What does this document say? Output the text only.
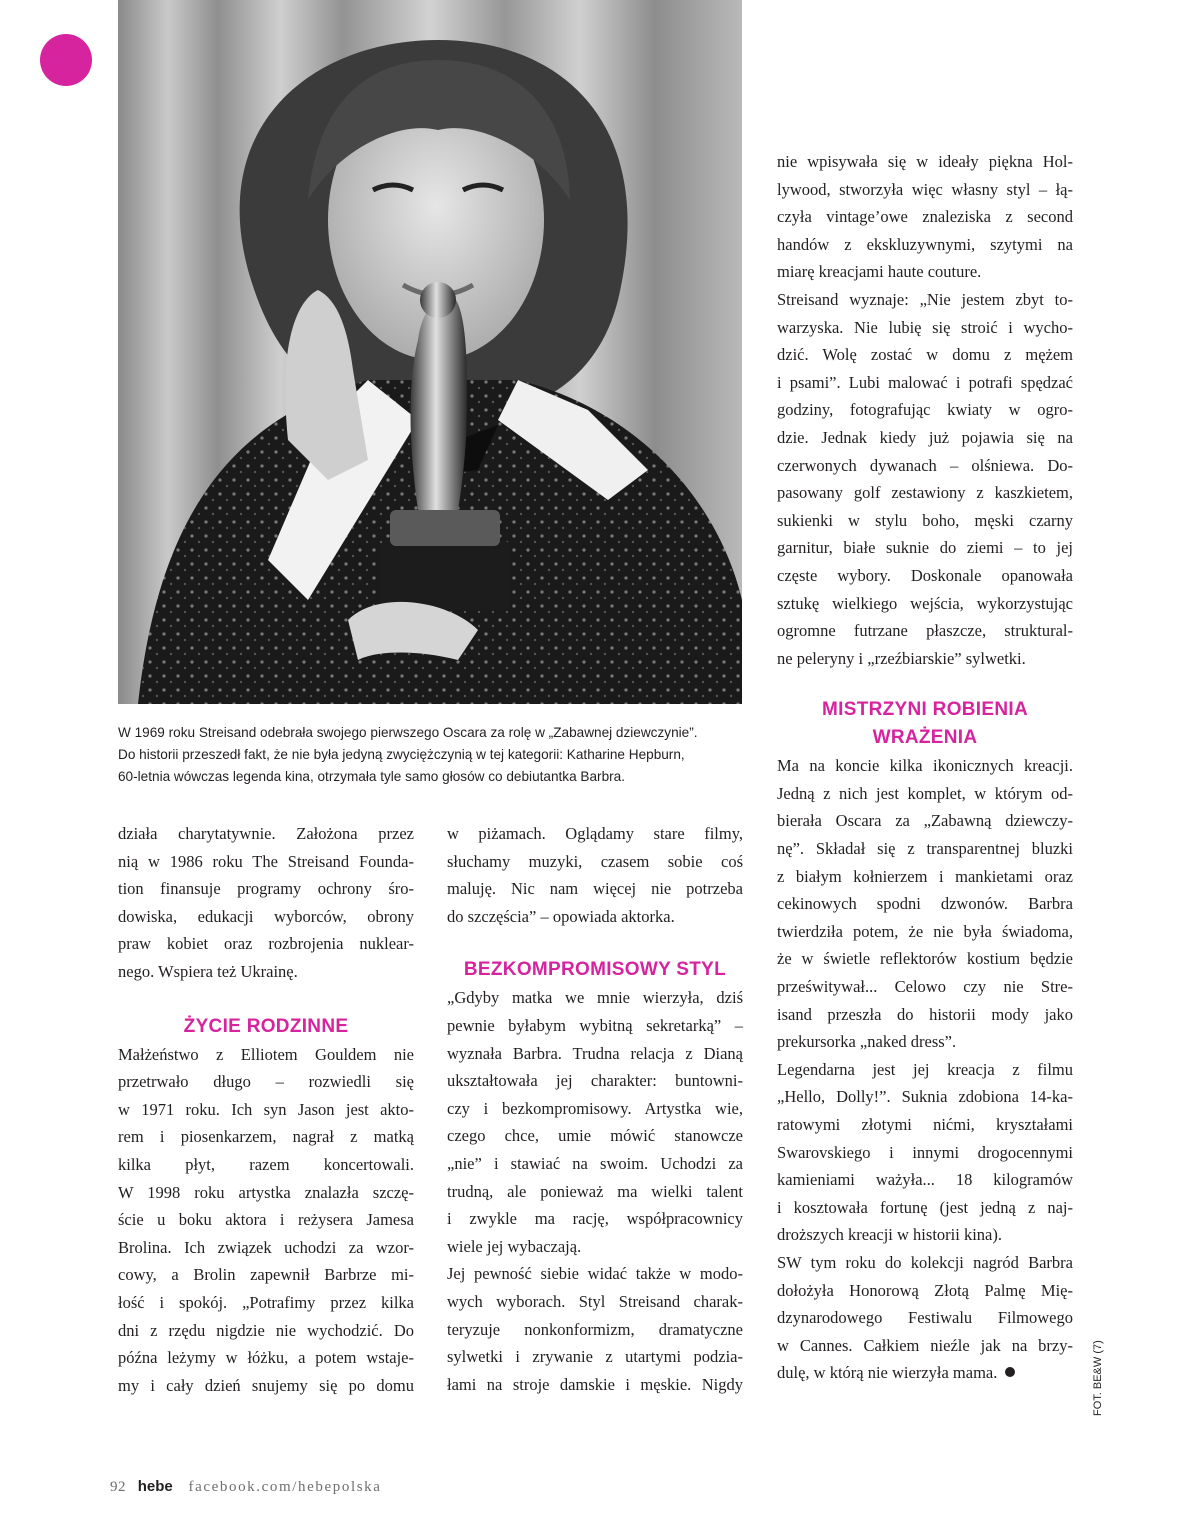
W 1969 roku Streisand odebrała swojego pierwszego Oscara za rolę w „Zabawnej dziewczynie”.

Do historii przeszedł fakt, że nie była jedyną zwyciężczynią w tej kategorii: Katharine Hepburn,

60-letnia wówczas legenda kina, otrzymała tyle samo głosów co debiutantka Barbra.

działa charytatywnie. Założona przez
nią w 1986 roku The Streisand Founda-
tion finansuje programy ochrony śro-
dowiska, edukacji wyborców, obrony
praw kobiet oraz rozbrojenia nuklear-
nego. Wspiera też Ukrainę.

ŻYCIE RODZINNE

Małżeństwo z Elliotem Gouldem nie
przetrwało długo – rozwiedli się
w 1971 roku. Ich syn Jason jest akto-
rem i piosenkarzem, nagrał z matką
kilka płyt, razem koncertowali.
W 1998 roku artystka znalazła szczę-
ście u boku aktora i reżysera Jamesa
Brolina. Ich związek uchodzi za wzor-
cowy, a Brolin zapewnił Barbrze mi-
łość i spokój. „Potrafimy przez kilka
dni z rzędu nigdzie nie wychodzić. Do
późna leżymy w łóżku, a potem wstaje-
my i cały dzień snujemy się po domu

w piżamach. Oglądamy stare filmy,
słuchamy muzyki, czasem sobie coś
maluję. Nic nam więcej nie potrzeba
do szczęścia” – opowiada aktorka.

BEZKOMPROMISOWY STYL

„Gdyby matka we mnie wierzyła, dziś
pewnie byłabym wybitną sekretarką” –
wyznała Barbra. Trudna relacja z Dianą
ukształtowała jej charakter: buntowni-
czy i bezkompromisowy. Artystka wie,
czego chce, umie mówić stanowcze
„nie” i stawiać na swoim. Uchodzi za
trudną, ale ponieważ ma wielki talent
i zwykle ma rację, współpracownicy
wiele jej wybaczają.

Jej pewność siebie widać także w modo-
wych wyborach. Styl Streisand charak-
teryzuje nonkonformizm, dramatyczne
sylwetki i zrywanie z utartymi podzia-
łami na stroje damskie i męskie. Nigdy

nie wpisywała się w ideały piękna Hol-
lywood, stworzyła więc własny styl – łą-
czyła vintage’owe znaleziska z second
handów z ekskluzywnymi, szytymi na
miarę kreacjami haute couture.

Streisand wyznaje: „Nie jestem zbyt to-
warzyska. Nie lubię się stroić i wycho-
dzić. Wolę zostać w domu z mężem
i psami”. Lubi malować i potrafi spędzać
godziny, fotografując kwiaty w ogro-
dzie. Jednak kiedy już pojawia się na
czerwonych dywanach – olśniewa. Do-
pasowany golf zestawiony z kaszkietem,
sukienki w stylu boho, męski czarny
garnitur, białe suknie do ziemi – to jej
częste wybory. Doskonale opanowała
sztukę wielkiego wejścia, wykorzystując
ogromne futrzane płaszcze, struktural-
ne peleryny i „rzeźbiarskie” sylwetki.

MISTRZYNI ROBIENIA
WRAŻENIA

Ma na koncie kilka ikonicznych kreacji.
Jedną z nich jest komplet, w którym od-
bierała Oscara za „Zabawną dziewczy-
nę”. Składał się z transparentnej bluzki
z białym kołnierzem i mankietami oraz
cekinowych spodni dzwonów. Barbra
twierdziła potem, że nie była świadoma,
że w świetle reflektorów kostium będzie
prześwitywał... Celowo czy nie Stre-
isand przeszła do historii mody jako
prekursorka „naked dress”.

Legendarna jest jej kreacja z filmu
„Hello, Dolly!”. Suknia zdobiona 14-ka-
ratowymi złotymi nićmi, kryształami
Swarovskiego i innymi drogocennymi
kamieniami ważyła... 18 kilogramów
i kosztowała fortunę (jest jedną z naj-
droższych kreacji w historii kina).

SW tym roku do kolekcji nagród Barbra
dołożyła Honorową Złotą Palmę Mię-
dzynarodowego Festiwalu Filmowego
w Cannes. Całkiem nieźle jak na brzy-
dulę, w którą nie wierzyła mama.	FOT. BE&W (7)
92 hebe facebook.com/hebepolska
